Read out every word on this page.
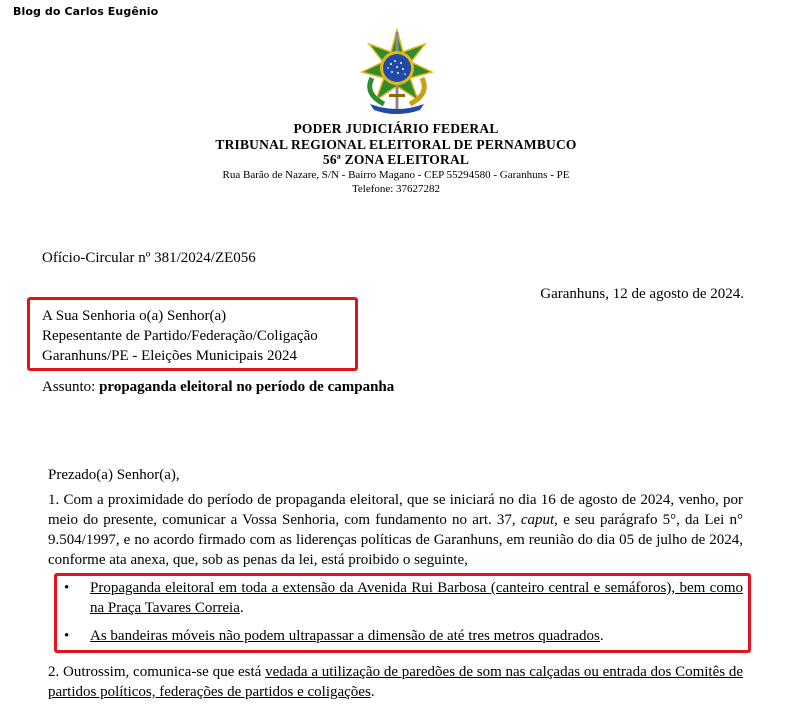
Blog do Carlos Eugênio
PODER JUDICIÁRIO FEDERAL
TRIBUNAL REGIONAL ELEITORAL DE PERNAMBUCO
56ª ZONA ELEITORAL
Rua Barão de Nazare, S/N - Bairro Magano - CEP 55294580 - Garanhuns - PE
Telefone: 37627282

Ofício-Circular nº 381/2024/ZE056

Garanhuns, 12 de agosto de 2024.

A Sua Senhoria o(a) Senhor(a)
Repesentante de Partido/Federação/Coligação
Garanhuns/PE - Eleições Municipais 2024

Assunto: propaganda eleitoral no período de campanha

Prezado(a) Senhor(a),

1. Com a proximidade do período de propaganda eleitoral, que se iniciará no dia 16 de agosto de 2024, venho, por meio do presente, comunicar a Vossa Senhoria, com fundamento no art. 37, caput, e seu parágrafo 5°, da Lei n° 9.504/1997, e no acordo firmado com as liderenças políticas de Garanhuns, em reunião do dia 05 de julho de 2024, conforme ata anexa, que, sob as penas da lei, está proibido o seguinte,

• Propaganda eleitoral em toda a extensão da Avenida Rui Barbosa (canteiro central e semáforos), bem como na Praça Tavares Correia.
• As bandeiras móveis não podem ultrapassar a dimensão de até tres metros quadrados.

2. Outrossim, comunica-se que está vedada a utilização de paredões de som nas calçadas ou entrada dos Comitês de partidos políticos, federações de partidos e coligações.
